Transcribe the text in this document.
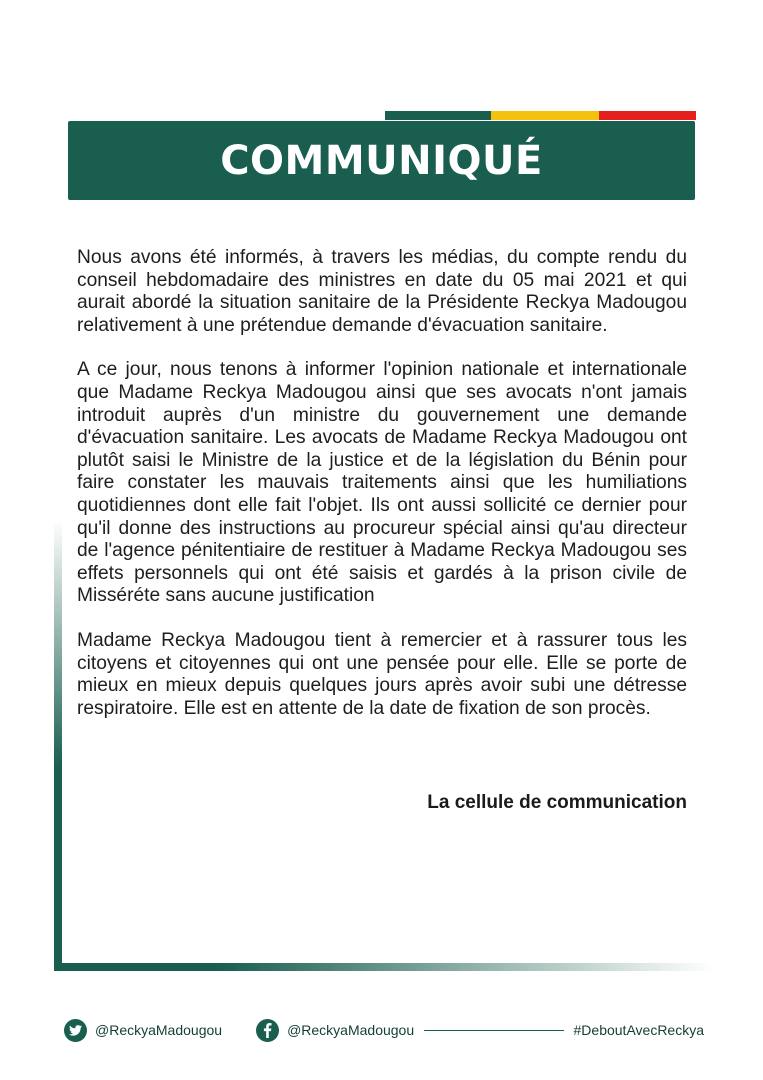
COMMUNIQUÉ

Nous avons été informés, à travers les médias, du compte rendu du conseil hebdomadaire des ministres en date du 05 mai 2021 et qui aurait abordé la situation sanitaire de la Présidente Reckya Madougou relativement à une prétendue demande d'évacuation sanitaire.

A ce jour, nous tenons à informer l'opinion nationale et internationale que Madame Reckya Madougou ainsi que ses avocats n'ont jamais introduit auprès d'un ministre du gouvernement une demande d'évacuation sanitaire. Les avocats de Madame Reckya Madougou ont plutôt saisi le Ministre de la justice et de la législation du Bénin pour faire constater les mauvais traitements ainsi que les humiliations quotidiennes dont elle fait l'objet. Ils ont aussi sollicité ce dernier pour qu'il donne des instructions au procureur spécial ainsi qu'au directeur de l'agence pénitentiaire de restituer à Madame Reckya Madougou ses effets personnels qui ont été saisis et gardés à la prison civile de Misséréte sans aucune justification

Madame Reckya Madougou tient à remercier et à rassurer tous les citoyens et citoyennes qui ont une pensée pour elle. Elle se porte de mieux en mieux depuis quelques jours après avoir subi une détresse respiratoire. Elle est en attente de la date de fixation de son procès.

La cellule de communication
@ReckyaMadougou	@ReckyaMadougou	#DeboutAvecReckya
